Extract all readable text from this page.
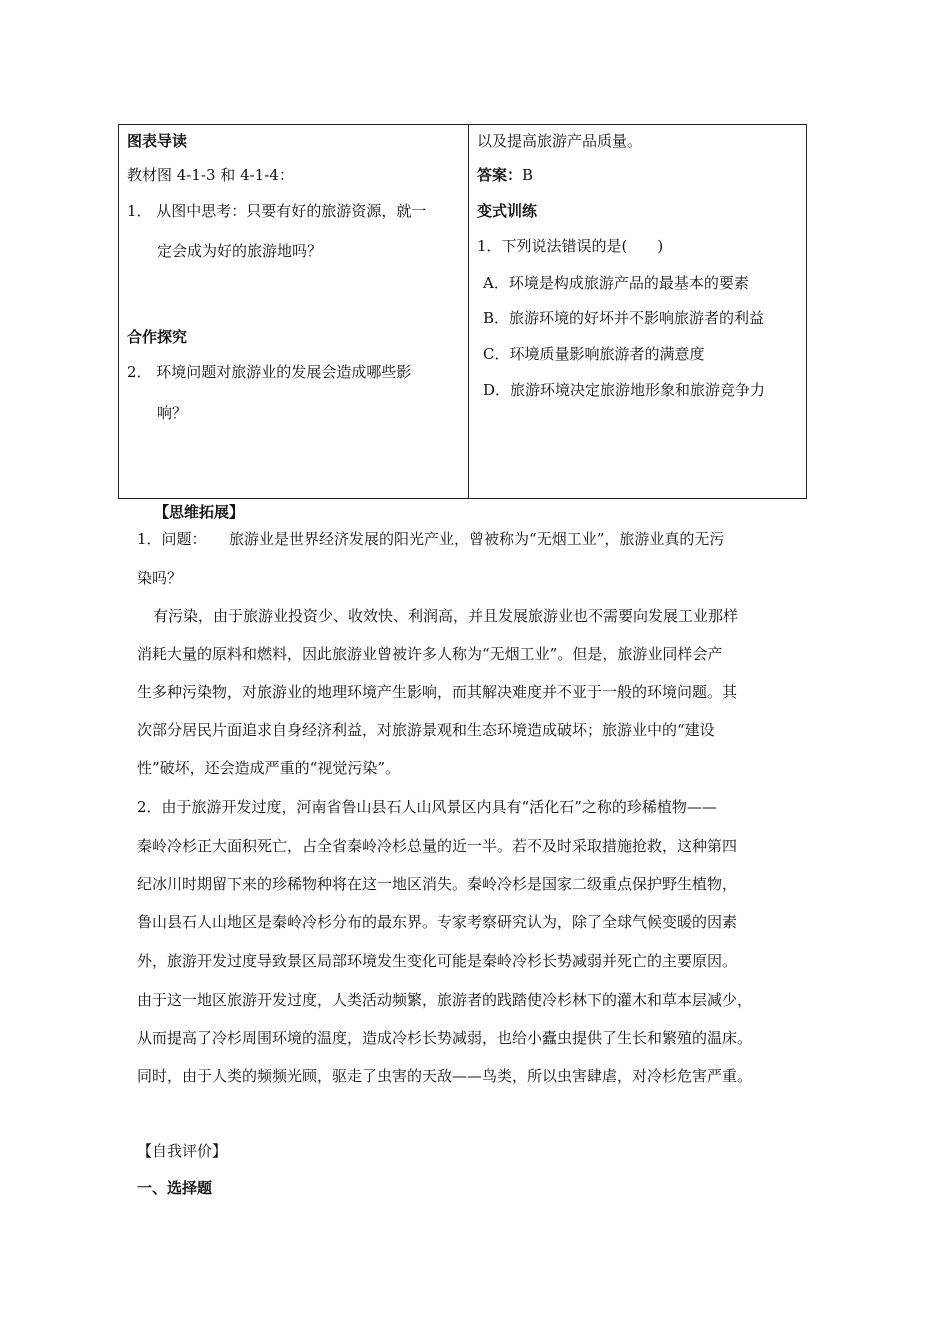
图表导读
教材图 4-1-3 和 4-1-4：
1． 从图中思考：只要有好的旅游资源，就一
定会成为好的旅游地吗？
合作探究
2． 环境问题对旅游业的发展会造成哪些影
响？
以及提高旅游产品质量。
答案：B
变式训练
1．下列说法错误的是(　　)
A．环境是构成旅游产品的最基本的要素
B．旅游环境的好坏并不影响旅游者的利益
C．环境质量影响旅游者的满意度
D．旅游环境决定旅游地形象和旅游竞争力
【思维拓展】
1．问题：　　旅游业是世界经济发展的阳光产业，曾被称为“无烟工业”，旅游业真的无污
染吗？
有污染，由于旅游业投资少、收效快、利润高，并且发展旅游业也不需要向发展工业那样
消耗大量的原料和燃料，因此旅游业曾被许多人称为“无烟工业”。但是，旅游业同样会产
生多种污染物，对旅游业的地理环境产生影响，而其解决难度并不亚于一般的环境问题。其
次部分居民片面追求自身经济利益，对旅游景观和生态环境造成破坏；旅游业中的“建设
性”破坏，还会造成严重的“视觉污染”。
2．由于旅游开发过度，河南省鲁山县石人山风景区内具有“活化石”之称的珍稀植物——
秦岭冷杉正大面积死亡，占全省秦岭冷杉总量的近一半。若不及时采取措施抢救，这种第四
纪冰川时期留下来的珍稀物种将在这一地区消失。秦岭冷杉是国家二级重点保护野生植物，
鲁山县石人山地区是秦岭冷杉分布的最东界。专家考察研究认为，除了全球气候变暖的因素
外，旅游开发过度导致景区局部环境发生变化可能是秦岭冷杉长势减弱并死亡的主要原因。
由于这一地区旅游开发过度，人类活动频繁，旅游者的践踏使冷杉林下的灌木和草本层减少，
从而提高了冷杉周围环境的温度，造成冷杉长势减弱，也给小蠹虫提供了生长和繁殖的温床。
同时，由于人类的频频光顾，驱走了虫害的天敌——鸟类，所以虫害肆虐，对冷杉危害严重。
【自我评价】
一、选择题
